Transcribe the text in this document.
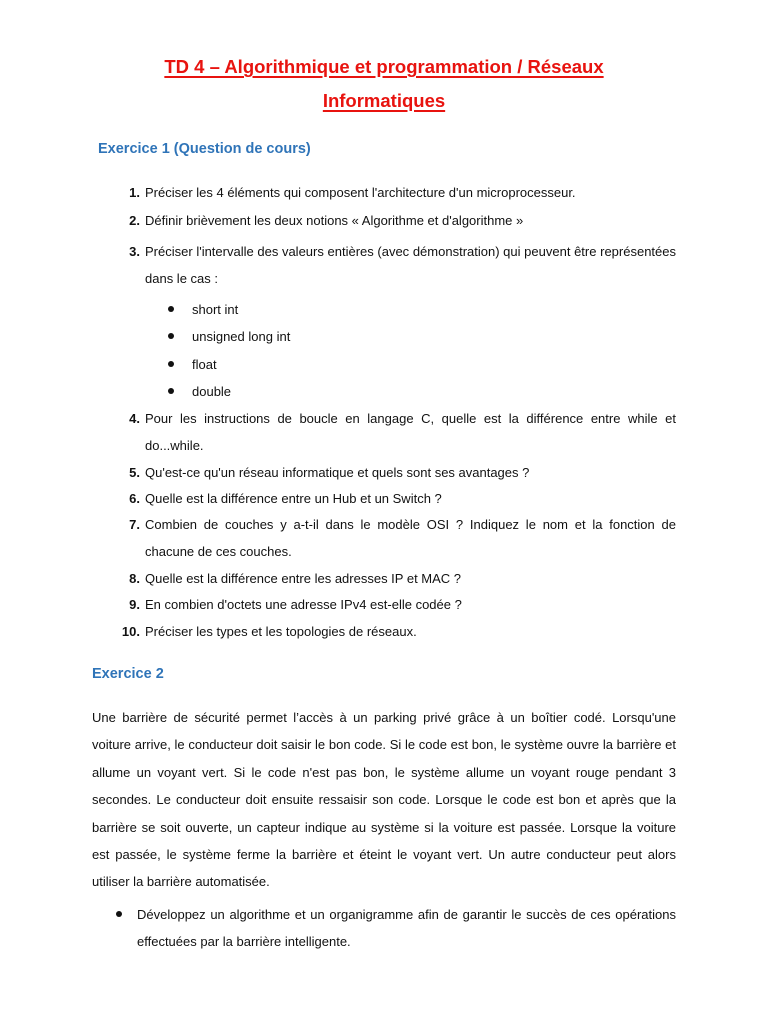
TD 4 – Algorithmique et programmation / Réseaux
Informatiques
Exercice 1 (Question de cours)
1. Préciser les 4 éléments qui composent l'architecture d'un microprocesseur.
2. Définir brièvement les deux notions « Algorithme et d'algorithme »
3. Préciser l'intervalle des valeurs entières (avec démonstration) qui peuvent être représentées dans le cas :
short int
unsigned long int
float
double
4. Pour les instructions de boucle en langage C, quelle est la différence entre while et do...while.
5. Qu'est-ce qu'un réseau informatique et quels sont ses avantages ?
6. Quelle est la différence entre un Hub et un Switch ?
7. Combien de couches y a-t-il dans le modèle OSI ? Indiquez le nom et la fonction de chacune de ces couches.
8. Quelle est la différence entre les adresses IP et MAC ?
9. En combien d'octets une adresse IPv4 est-elle codée ?
10. Préciser les types et les topologies de réseaux.
Exercice 2
Une barrière de sécurité permet l’accès à un parking privé grâce à un boîtier codé. Lorsqu'une voiture arrive, le conducteur doit saisir le bon code. Si le code est bon, le système ouvre la barrière et allume un voyant vert. Si le code n'est pas bon, le système allume un voyant rouge pendant 3 secondes. Le conducteur doit ensuite ressaisir son code. Lorsque le code est bon et après que la barrière se soit ouverte, un capteur indique au système si la voiture est passée. Lorsque la voiture est passée, le système ferme la barrière et éteint le voyant vert. Un autre conducteur peut alors utiliser la barrière automatisée.
Développez un algorithme et un organigramme afin de garantir le succès de ces opérations effectuées par la barrière intelligente.
